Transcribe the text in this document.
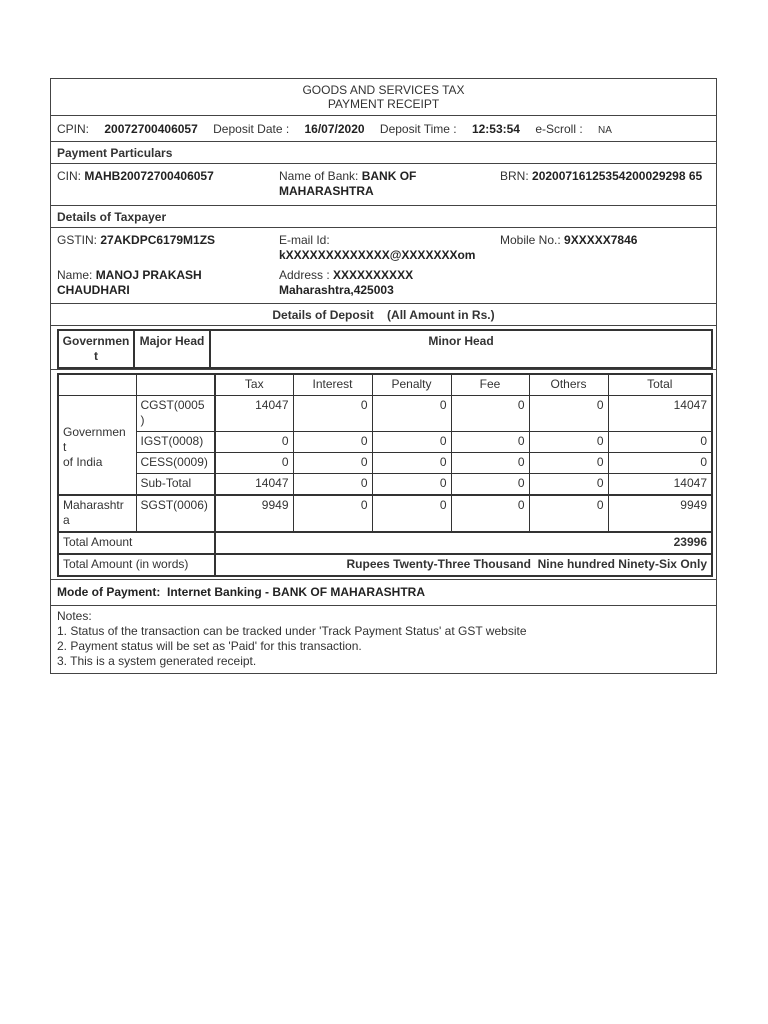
GOODS AND SERVICES TAX
PAYMENT RECEIPT
CPIN: 20072700406057 Deposit Date : 16/07/2020 Deposit Time : 12:53:54 e-Scroll : NA
Payment Particulars
CIN: MAHB20072700406057	Name of Bank: BANK OF
MAHARASHTRA
BRN: 20200716125354200029298 65
Details of Taxpayer
GSTIN: 27AKDPC6179M1ZS	E-mail Id:
kXXXXXXXXXXXXX@XXXXXXXom
Mobile No.: 9XXXXX7846
Name: MANOJ PRAKASH
CHAUDHARI
Address : XXXXXXXXXX
Maharashtra,425003
Details of Deposit    (All Amount in Rs.)
Governmen
t	Major Head	Minor Head
		Tax	Interest	Penalty	Fee	Others	Total
Governmen
t
of India	CGST(0005
)	14047	0	0	0	0	14047
	IGST(0008)	0	0	0	0	0	0
	CESS(0009)	0	0	0	0	0	0
	Sub-Total	14047	0	0	0	0	14047
Maharashtr
a	SGST(0006)	9949	0	0	0	0	9949
Total Amount		23996					
Total Amount (in words)		Rupees Twenty-Three Thousand  Nine hundred Ninety-Six Only					
Mode of Payment:  Internet Banking - BANK OF MAHARASHTRA
Notes:
1. Status of the transaction can be tracked under 'Track Payment Status' at GST website
2. Payment status will be set as 'Paid' for this transaction.
3. This is a system generated receipt.
